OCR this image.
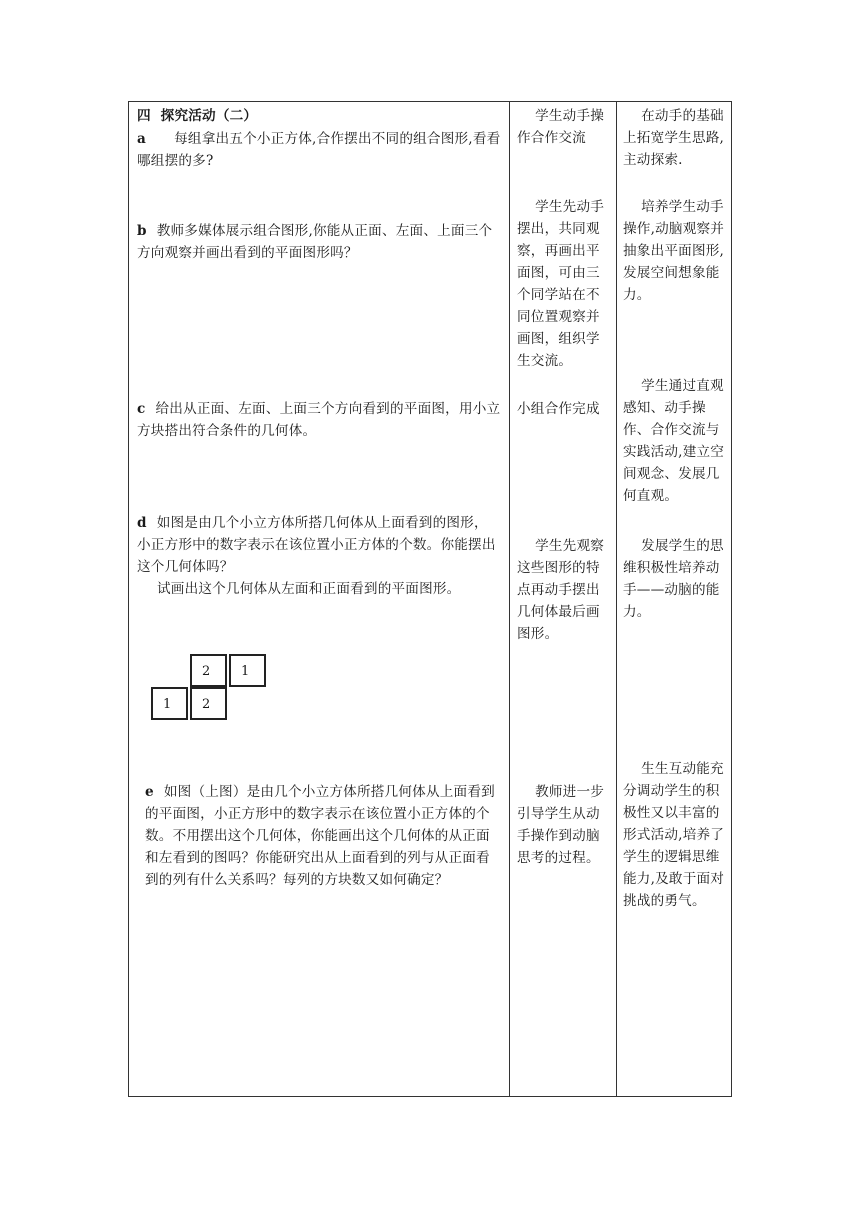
四  探究活动（二）
a 每组拿出五个小正方体,合作摆出不同的组合图形,看看哪组摆的多?
学生动手操作合作交流
在动手的基础上拓宽学生思路,主动探索.
b 教师多媒体展示组合图形,你能从正面、左面、上面三个方向观察并画出看到的平面图形吗？
学生先动手摆出，共同观察，再画出平面图，可由三个同学站在不同位置观察并画图，组织学生交流。
培养学生动手操作,动脑观察并抽象出平面图形,发展空间想象能力。
c 给出从正面、左面、上面三个方向看到的平面图，用小立方块搭出符合条件的几何体。
小组合作完成
学生通过直观感知、动手操作、合作交流与实践活动,建立空间观念、发展几何直观。
d 如图是由几个小立方体所搭几何体从上面看到的图形，小正方形中的数字表示在该位置小正方体的个数。你能摆出这个几何体吗？
试画出这个几何体从左面和正面看到的平面图形。
学生先观察这些图形的特点再动手摆出几何体最后画图形。
发展学生的思维积极性培养动手——动脑的能力。
2	1
1	2
e 如图（上图）是由几个小立方体所搭几何体从上面看到的平面图，小正方形中的数字表示在该位置小正方体的个数。不用摆出这个几何体，你能画出这个几何体的从正面和左看到的图吗？你能研究出从上面看到的列与从正面看到的列有什么关系吗？每列的方块数又如何确定？
教师进一步引导学生从动手操作到动脑思考的过程。
生生互动能充分调动学生的积极性又以丰富的形式活动,培养了学生的逻辑思维能力,及敢于面对挑战的勇气。
